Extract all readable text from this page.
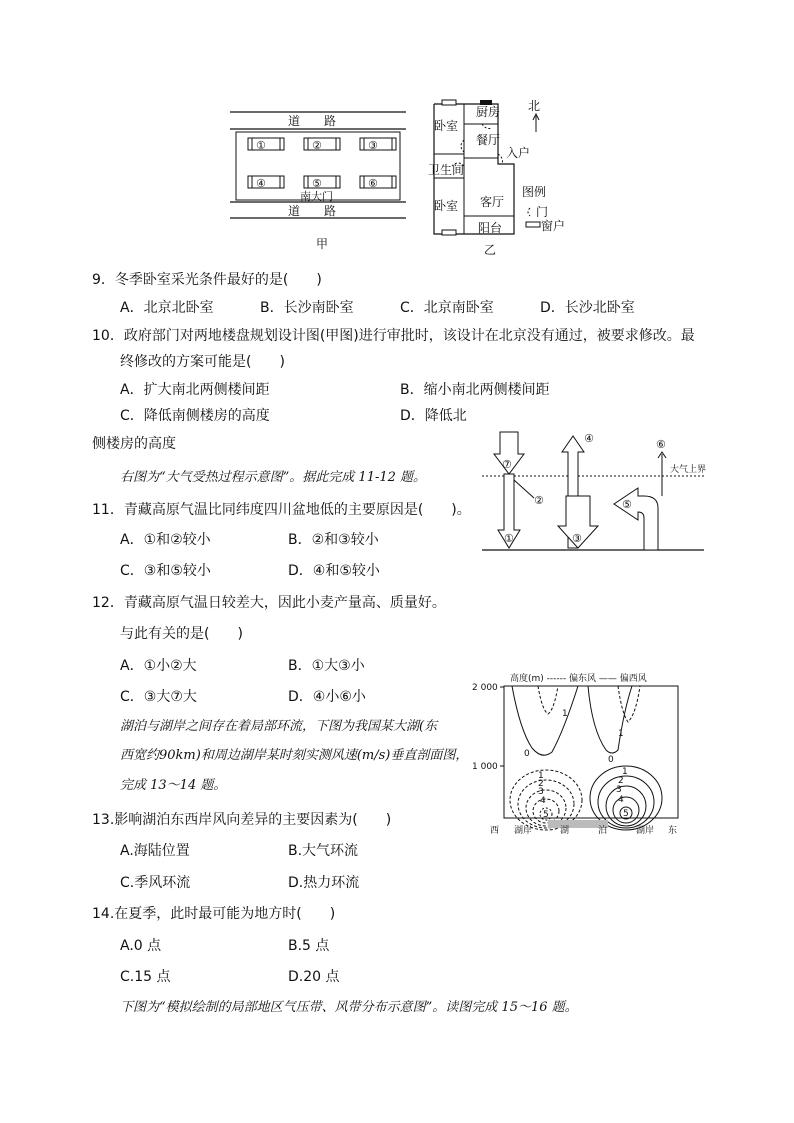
道　　路
①	②	③
④	⑤	⑥
南大门
道　　路
甲
厨房
卧室
餐厅
入户
卫生间
卧室 客厅
阳台
北
图例
门
窗户
乙
9．冬季卧室采光条件最好的是(　　)
A．北京北卧室	B．长沙南卧室	C．北京南卧室	D．长沙北卧室
10．政府部门对两地楼盘规划设计图(甲图)进行审批时，该设计在北京没有通过，被要求修改。最
终修改的方案可能是(　　)
A．扩大南北两侧楼间距	B．缩小南北两侧楼间距
C．降低南侧楼房的高度	D．降低北
侧楼房的高度
右图为“大气受热过程示意图”。据此完成 11-12 题。
⑦
①
②
④
③
⑤
⑥
大气上界
11．青藏高原气温比同纬度四川盆地低的主要原因是(　　)。
A．①和②较小	B．②和③较小
C．③和⑤较小	D．④和⑤较小
12．青藏高原气温日较差大，因此小麦产量高、质量好。
与此有关的是(　　)
A．①小②大	B．①大③小
C．③大⑦大	D．④小⑥小
湖泊与湖岸之间存在着局部环流，下图为我国某大湖(东
西宽约90km)和周边湖岸某时刻实测风速(m/s)垂直剖面图，
完成 13～14 题。
高度(m) ------ 偏东风 —— 偏西风
2 000
1 000
0
1
0
1
1
2
3
4
5
1
2
3
4
5
西 湖岸	湖	泊	湖岸 东
13.影响湖泊东西岸风向差异的主要因素为(　　)
A.海陆位置	B.大气环流
C.季风环流	D.热力环流
14.在夏季，此时最可能为地方时(　　)
A.0 点	B.5 点
C.15 点	D.20 点
下图为“模拟绘制的局部地区气压带、风带分布示意图”。读图完成 15～16 题。
